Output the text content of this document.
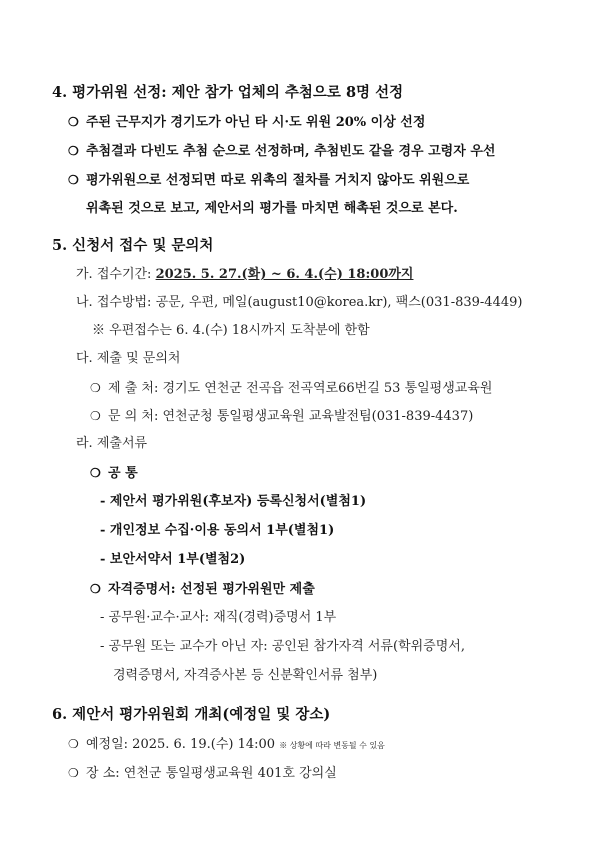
4. 평가위원 선정: 제안 참가 업체의 추첨으로 8명 선정
❍ 주된 근무지가 경기도가 아닌 타 시·도 위원 20% 이상 선정
❍ 추첨결과 다빈도 추첨 순으로 선정하며, 추첨빈도 같을 경우 고령자 우선
❍ 평가위원으로 선정되면 따로 위촉의 절차를 거치지 않아도 위원으로
위촉된 것으로 보고, 제안서의 평가를 마치면 해촉된 것으로 본다.
5. 신청서 접수 및 문의처
가. 접수기간: 2025. 5. 27.(화) ~ 6. 4.(수) 18:00까지
나. 접수방법: 공문, 우편, 메일(august10@korea.kr), 팩스(031-839-4449)
※ 우편접수는 6. 4.(수) 18시까지 도착분에 한함
다. 제출 및 문의처
❍ 제 출 처: 경기도 연천군 전곡읍 전곡역로66번길 53 통일평생교육원
❍ 문 의 처: 연천군청 통일평생교육원 교육발전팀(031-839-4437)
라. 제출서류
❍ 공 통
- 제안서 평가위원(후보자) 등록신청서(별첨1)
- 개인정보 수집·이용 동의서 1부(별첨1)
- 보안서약서 1부(별첨2)
❍ 자격증명서: 선정된 평가위원만 제출
- 공무원·교수·교사: 재직(경력)증명서 1부
- 공무원 또는 교수가 아닌 자: 공인된 참가자격 서류(학위증명서,
경력증명서, 자격증사본 등 신분확인서류 첨부)
6. 제안서 평가위원회 개최(예정일 및 장소)
❍ 예정일: 2025. 6. 19.(수) 14:00 ※ 상황에 따라 변동될 수 있음
❍ 장 소: 연천군 통일평생교육원 401호 강의실
